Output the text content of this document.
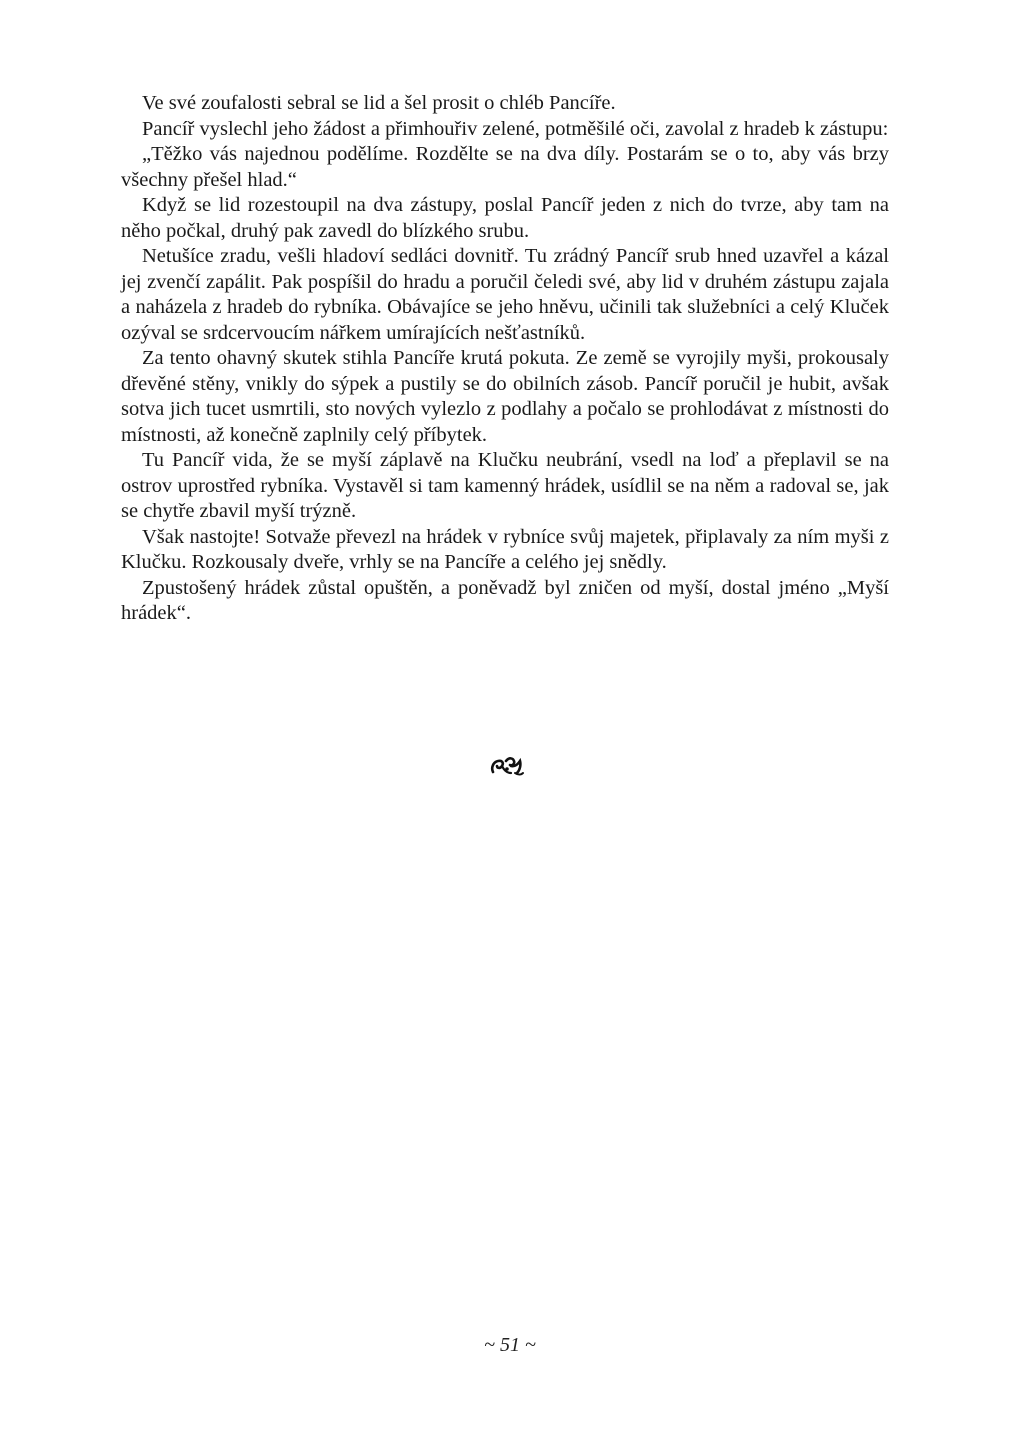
Ve své zoufalosti sebral se lid a šel prosit o chléb Pancíře.

Pancíř vyslechl jeho žádost a přimhouřiv zelené, potměšilé oči, zavolal z hradeb k zástupu:

„Těžko vás najednou podělíme. Rozdělte se na dva díly. Postarám se o to, aby vás brzy všechny přešel hlad.“

Když se lid rozestoupil na dva zástupy, poslal Pancíř jeden z nich do tvrze, aby tam na něho počkal, druhý pak zavedl do blízkého srubu.

Netušíce zradu, vešli hladoví sedláci dovnitř. Tu zrádný Pancíř srub hned uzavřel a kázal jej zvenčí zapálit. Pak pospíšil do hradu a poručil čeledi své, aby lid v druhém zástupu zajala a naházela z hradeb do rybníka. Obávajíce se jeho hněvu, učinili tak služebníci a celý Kluček ozýval se srdcervoucím nářkem umírajících nešťastníků.

Za tento ohavný skutek stihla Pancíře krutá pokuta. Ze země se vyrojily myši, prokousaly dřevěné stěny, vnikly do sýpek a pustily se do obilních zásob. Pancíř poručil je hubit, avšak sotva jich tucet usmrtili, sto nových vylezlo z podlahy a počalo se prohlodávat z místnosti do místnosti, až konečně zaplnily celý příbytek.

Tu Pancíř vida, že se myší záplavě na Klučku neubrání, vsedl na loď a přeplavil se na ostrov uprostřed rybníka. Vystavěl si tam kamenný hrádek, usídlil se na něm a radoval se, jak se chytře zbavil myší trýzně.

Však nastojte! Sotvaže převezl na hrádek v rybníce svůj majetek, připlavaly za ním myši z Klučku. Rozkousaly dveře, vrhly se na Pancíře a celého jej snědly.

Zpustošený hrádek zůstal opuštěn, a poněvadž byl zničen od myší, dostal jméno „Myší hrádek“.

~ 51 ~
